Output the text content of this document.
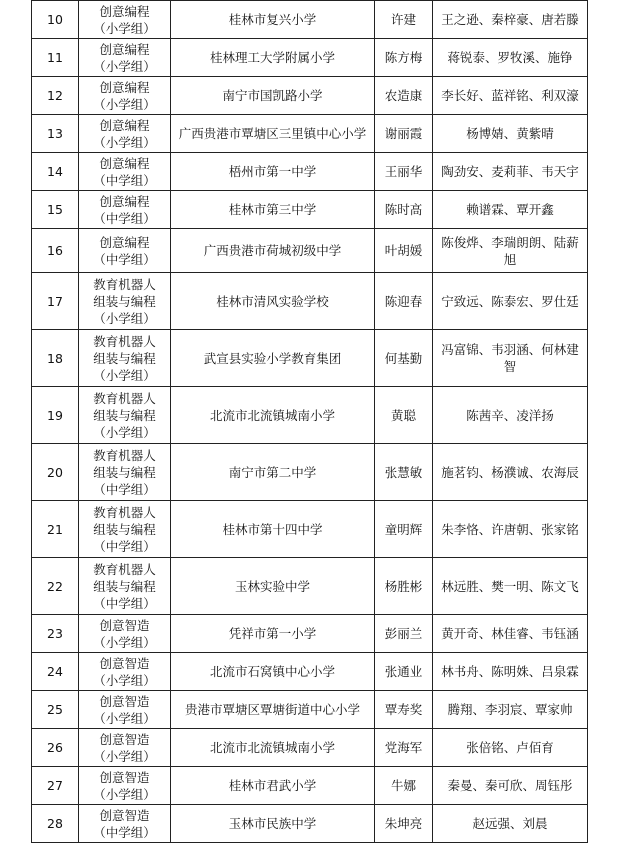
10	创意编程
（小学组）	桂林市复兴小学	许建	王之逊、秦梓豪、唐若滕
11	创意编程
（小学组）	桂林理工大学附属小学	陈方梅	蒋锐泰、罗牧溪、施铮
12	创意编程
（小学组）	南宁市国凯路小学	农造康	李长好、蓝祥铭、利双濠
13	创意编程
（小学组）	广西贵港市覃塘区三里镇中心小学	谢丽霞	杨博婧、黄紫晴
14	创意编程
（中学组）	梧州市第一中学	王丽华	陶劲安、麦莉菲、韦天宇
15	创意编程
（中学组）	桂林市第三中学	陈时高	赖谱霖、覃开鑫
16	创意编程
（中学组）	广西贵港市荷城初级中学	叶胡媛	陈俊烨、李瑞朗朗、陆薪旭
17	教育机器人
组装与编程
（小学组）	桂林市清风实验学校	陈迎春	宁致远、陈泰宏、罗仕廷
18	教育机器人
组装与编程
（小学组）	武宣县实验小学教育集团	何基勤	冯富锦、韦羽涵、何林建智
19	教育机器人
组装与编程
（小学组）	北流市北流镇城南小学	黄聪	陈茜辛、凌洋扬
20	教育机器人
组装与编程
（中学组）	南宁市第二中学	张慧敏	施茗钧、杨濮诚、农海辰
21	教育机器人
组装与编程
（中学组）	桂林市第十四中学	童明辉	朱李恪、许唐朝、张家铭
22	教育机器人
组装与编程
（中学组）	玉林实验中学	杨胜彬	林远胜、樊一明、陈文飞
23	创意智造
（小学组）	凭祥市第一小学	彭丽兰	黄开奇、林佳睿、韦钰涵
24	创意智造
（小学组）	北流市石窝镇中心小学	张通业	林书舟、陈明姝、吕泉霖
25	创意智造
（小学组）	贵港市覃塘区覃塘街道中心小学	覃寿奖	腾翔、李羽宸、覃家帅
26	创意智造
（小学组）	北流市北流镇城南小学	党海军	张倍铭、卢佰育
27	创意智造
（小学组）	桂林市君武小学	牛娜	秦曼、秦可欣、周钰彤
28	创意智造
（中学组）	玉林市民族中学	朱坤亮	赵远强、刘晨
